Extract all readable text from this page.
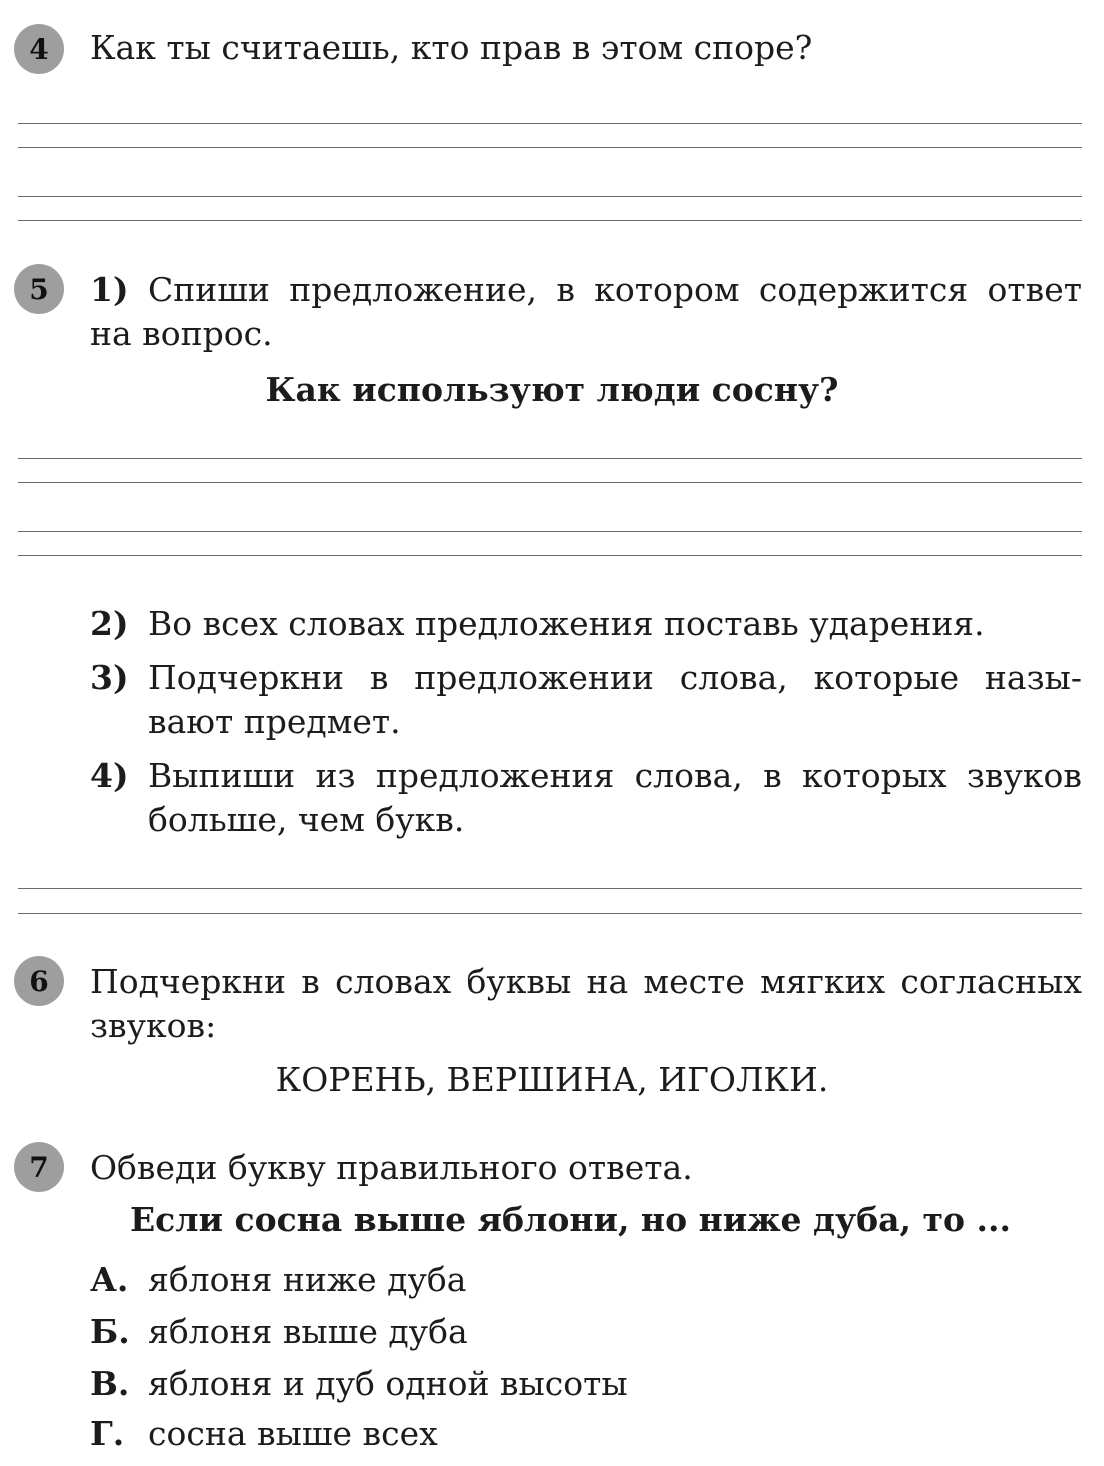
4	Как ты считаешь, кто прав в этом споре?
5	1) Спиши предложение, в котором содержится ответ
на вопрос.
Как используют люди сосну?
2) Во всех словах предложения поставь ударения.
3) Подчеркни в предложении слова, которые назы-
вают предмет.
4) Выпиши из предложения слова, в которых звуков
больше, чем букв.
6	Подчеркни в словах буквы на месте мягких согласных
звуков:
КОРЕНЬ, ВЕРШИНА, ИГОЛКИ.
7	Обведи букву правильного ответа.
Если сосна выше яблони, но ниже дуба, то ...
А. яблоня ниже дуба
Б. яблоня выше дуба
В. яблоня и дуб одной высоты
Г. сосна выше всех
